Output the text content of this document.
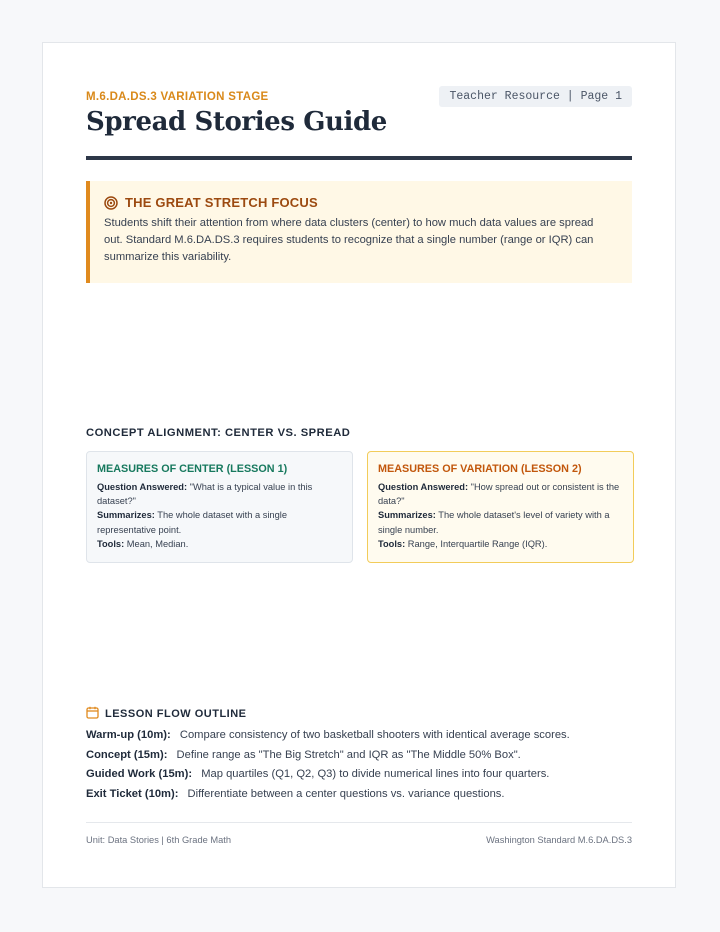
Teacher Resource | Page 1
M.6.DA.DS.3 VARIATION STAGE
Spread Stories Guide
THE GREAT STRETCH FOCUS
Students shift their attention from where data clusters (center) to how much data values are spread out. Standard M.6.DA.DS.3 requires students to recognize that a single number (range or IQR) can summarize this variability.
CONCEPT ALIGNMENT: CENTER VS. SPREAD
MEASURES OF CENTER (LESSON 1)
Question Answered: "What is a typical value in this dataset?"
Summarizes: The whole dataset with a single representative point.
Tools: Mean, Median.
MEASURES OF VARIATION (LESSON 2)
Question Answered: "How spread out or consistent is the data?"
Summarizes: The whole dataset's level of variety with a single number.
Tools: Range, Interquartile Range (IQR).
LESSON FLOW OUTLINE
Warm-up (10m): Compare consistency of two basketball shooters with identical average scores.
Concept (15m): Define range as "The Big Stretch" and IQR as "The Middle 50% Box".
Guided Work (15m): Map quartiles (Q1, Q2, Q3) to divide numerical lines into four quarters.
Exit Ticket (10m): Differentiate between a center questions vs. variance questions.
Unit: Data Stories | 6th Grade Math	Washington Standard M.6.DA.DS.3
